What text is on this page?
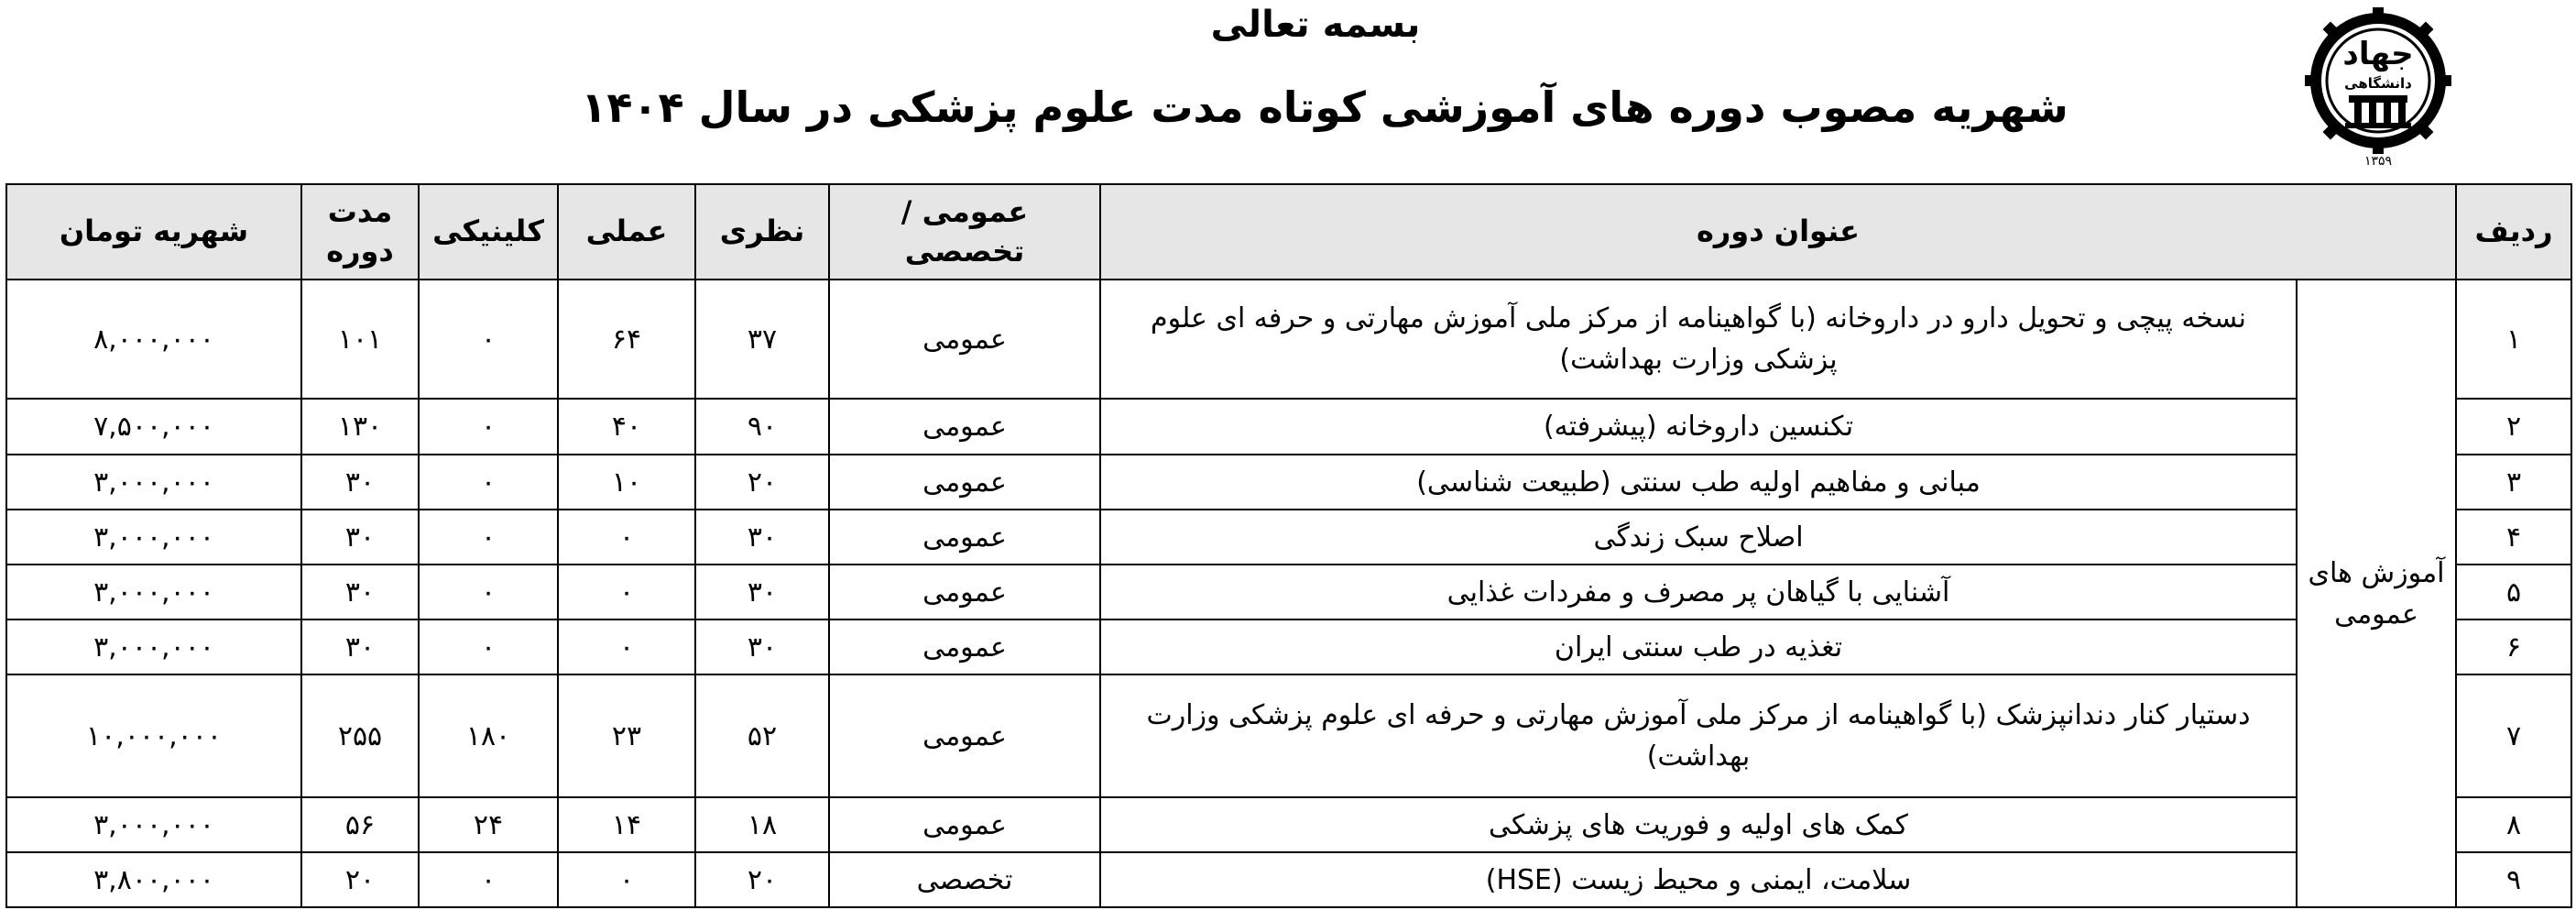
بسمه تعالی
شهریه مصوب دوره های آموزشی کوتاه مدت علوم پزشکی در سال ۱۴۰۴
جهاد
دانشگاهی
۱۳۵۹
ردیف	عنوان دوره		عمومی / تخصصی	نظری	عملی	کلینیکی	مدت دوره	شهریه تومان
۱	آموزش های عمومی	نسخه پیچی و تحویل دارو در داروخانه (با گواهینامه از مرکز ملی آموزش مهارتی و حرفه ای علوم پزشکی وزارت بهداشت)	عمومی	۳۷	۶۴	۰	۱۰۱	۸,۰۰۰,۰۰۰
۲		تکنسین داروخانه (پیشرفته)	عمومی	۹۰	۴۰	۰	۱۳۰	۷,۵۰۰,۰۰۰
۳		مبانی و مفاهیم اولیه طب سنتی (طبیعت شناسی)	عمومی	۲۰	۱۰	۰	۳۰	۳,۰۰۰,۰۰۰
۴		اصلاح سبک زندگی	عمومی	۳۰	۰	۰	۳۰	۳,۰۰۰,۰۰۰
۵		آشنایی با گیاهان پر مصرف و مفردات غذایی	عمومی	۳۰	۰	۰	۳۰	۳,۰۰۰,۰۰۰
۶		تغذیه در طب سنتی ایران	عمومی	۳۰	۰	۰	۳۰	۳,۰۰۰,۰۰۰
۷		دستیار کنار دندانپزشک (با گواهینامه از مرکز ملی آموزش مهارتی و حرفه ای علوم پزشکی وزارت بهداشت)	عمومی	۵۲	۲۳	۱۸۰	۲۵۵	۱۰,۰۰۰,۰۰۰
۸		کمک های اولیه و فوریت های پزشکی	عمومی	۱۸	۱۴	۲۴	۵۶	۳,۰۰۰,۰۰۰
۹		سلامت، ایمنی و محیط زیست (HSE)	تخصصی	۲۰	۰	۰	۲۰	۳,۸۰۰,۰۰۰
